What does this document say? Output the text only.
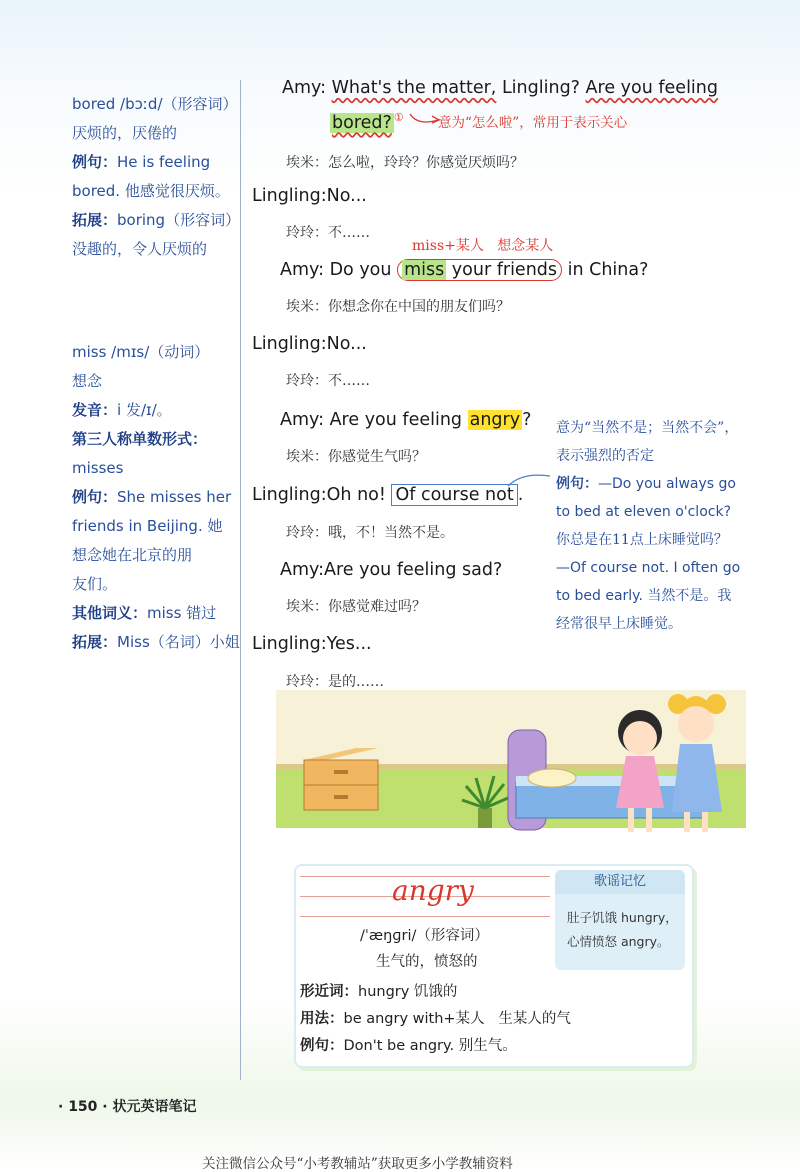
bored /bɔːd/（形容词）
厌烦的，厌倦的
例句：He is feeling
bored. 他感觉很厌烦。
拓展：boring（形容词）
没趣的，令人厌烦的
miss /mɪs/（动词）
想念
发音：i 发/ɪ/。
第三人称单数形式：
misses
例句：She misses her
friends in Beijing. 她
想念她在北京的朋
友们。
其他词义：miss 错过
拓展：Miss（名词）小姐
Amy: What's the matter, Lingling? Are you feeling
bored? ①	意为“怎么啦”，常用于表示关心
埃米：怎么啦，玲玲？你感觉厌烦吗？
Lingling:No...
玲玲：不……
miss+某人 想念某人
Amy: Do you miss your friends in China?
埃米：你想念你在中国的朋友们吗？
Lingling:No...
玲玲：不……
Amy: Are you feeling angry ?
埃米：你感觉生气吗？
Lingling:Oh no! Of course not .
玲玲：哦，不！当然不是。
Amy:Are you feeling sad?
埃米：你感觉难过吗？
Lingling:Yes...
玲玲：是的……
意为“当然不是；当然不会”，
表示强烈的否定
例句：—Do you always go
to bed at eleven o'clock?
你总是在11点上床睡觉吗？
—Of course not. I often go
to bed early. 当然不是。我
经常很早上床睡觉。
angry
/ˈæŋɡri/（形容词）
生气的，愤怒的
形近词：hungry 饥饿的
用法：be angry with+某人 生某人的气
例句：Don't be angry. 别生气。
歌谣记忆
肚子饥饿 hungry，
心情愤怒 angry。
· 150 · 状元英语笔记
关注微信公众号“小考教辅站”获取更多小学教辅资料
